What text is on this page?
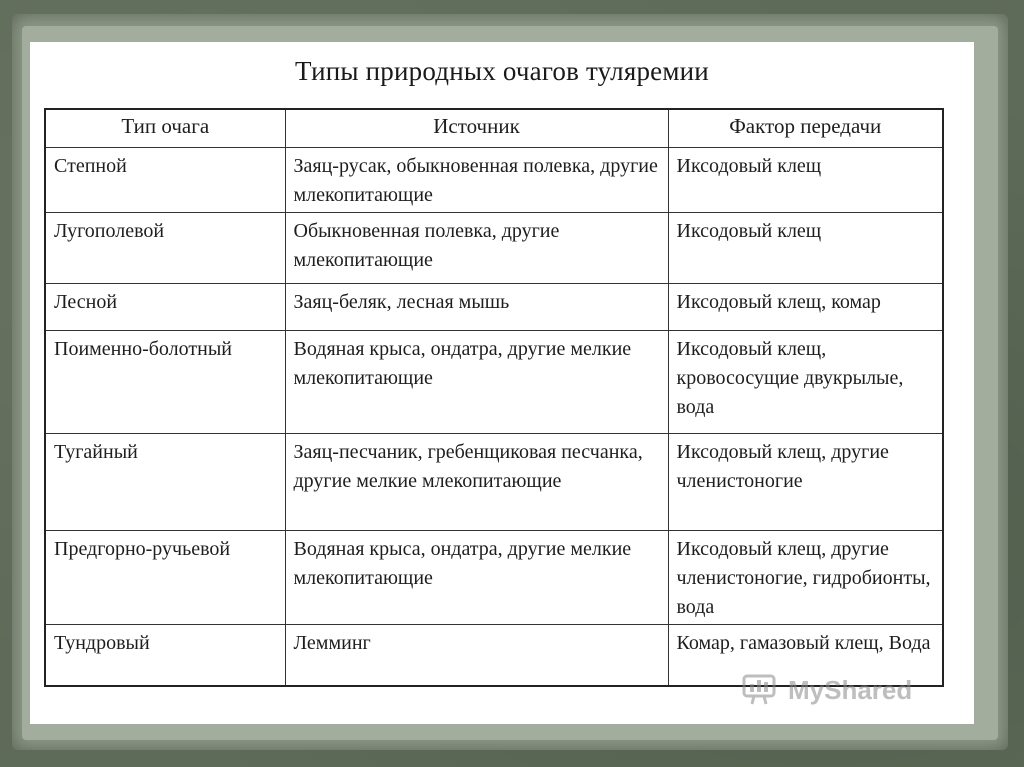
Типы природных очагов туляремии
Тип очага	Источник	Фактор передачи
Степной	Заяц-русак, обыкновенная полевка, другие млекопитающие	Иксодовый клещ
Лугополевой	Обыкновенная полевка, другие млекопитающие	Иксодовый клещ
Лесной	Заяц-беляк, лесная мышь	Иксодовый клещ, комар
Поименно-болотный	Водяная крыса, ондатра, другие мелкие млекопитающие	Иксодовый клещ, кровососущие двукрылые, вода
Тугайный	Заяц-песчаник, гребенщиковая песчанка, другие мелкие млекопитающие	Иксодовый клещ, другие членистоногие
Предгорно-ручьевой	Водяная крыса, ондатра, другие мелкие млекопитающие	Иксодовый клещ, другие членистоногие, гидробионты, вода
Тундровый	Лемминг	Комар, гамазовый клещ, Вода
MyShared
